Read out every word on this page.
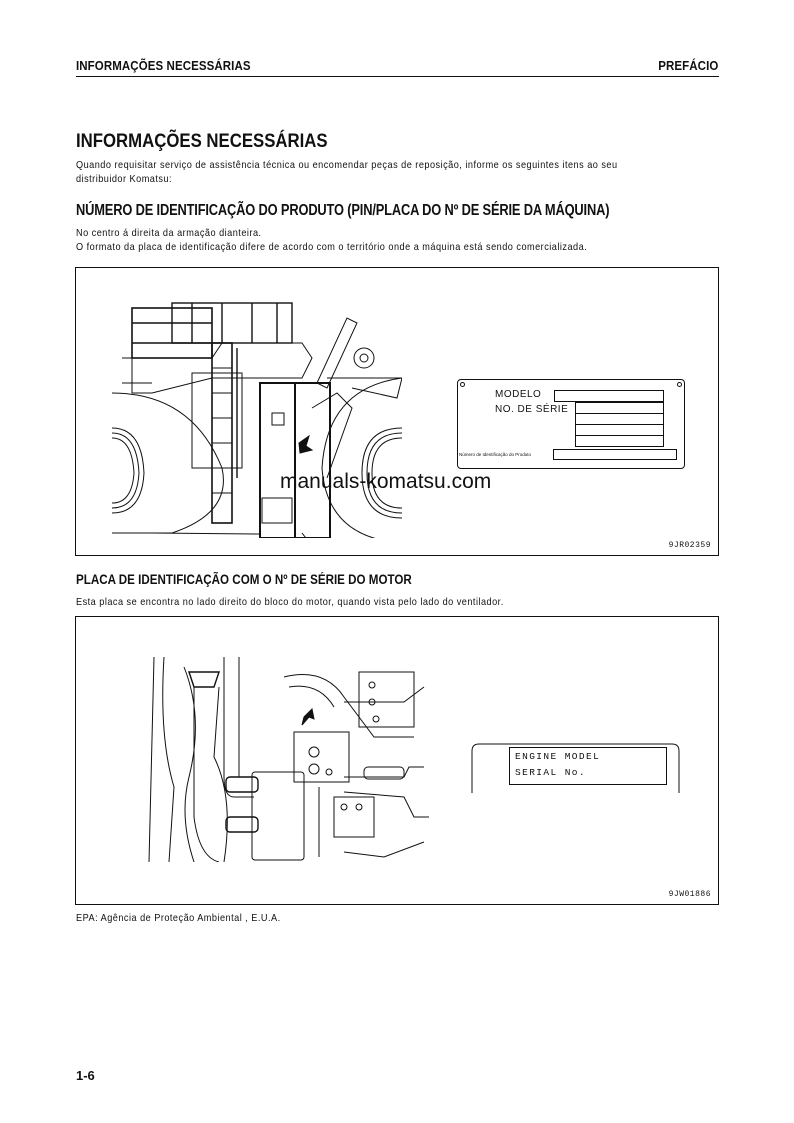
INFORMAÇÕES NECESSÁRIAS	PREFÁCIO
INFORMAÇÕES NECESSÁRIAS
Quando requisitar serviço de assistência técnica ou encomendar peças de reposição, informe os seguintes itens ao seu
distribuidor Komatsu:
NÚMERO DE IDENTIFICAÇÃO DO PRODUTO (PIN/PLACA DO Nº DE SÉRIE DA MÁQUINA)
No centro á direita da armação dianteira.
O formato da placa de identificação difere de acordo com o território onde a máquina está sendo comercializada.
MODELO
NO. DE SÉRIE
Número de Identificação do Produto
9JR02359
manuals-komatsu.com
PLACA DE IDENTIFICAÇÃO COM O Nº DE SÉRIE DO MOTOR
Esta placa se encontra no lado direito do bloco do motor, quando vista pelo lado do ventilador.
ENGINE MODEL
SERIAL No.
9JW01886
EPA: Agência de Proteção Ambiental , E.U.A.
1-6
